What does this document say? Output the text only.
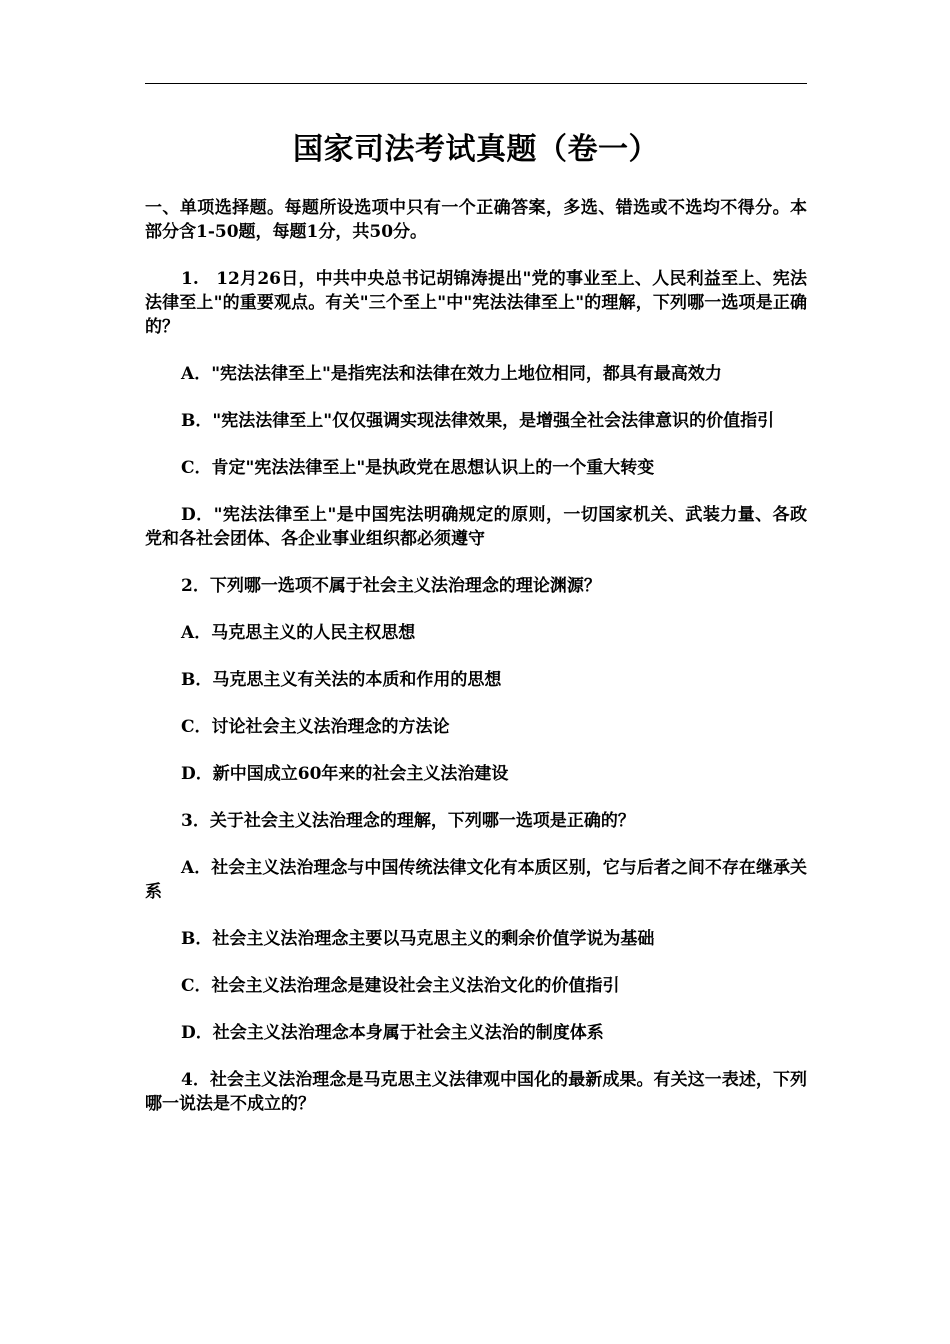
国家司法考试真题（卷一）

一、单项选择题。每题所设选项中只有一个正确答案，多选、错选或不选均不得分。本部分含1-50题，每题1分，共50分。

1.　12月26日，中共中央总书记胡锦涛提出"党的事业至上、人民利益至上、宪法法律至上"的重要观点。有关"三个至上"中"宪法法律至上"的理解，下列哪一选项是正确的？

A．"宪法法律至上"是指宪法和法律在效力上地位相同，都具有最高效力

B．"宪法法律至上"仅仅强调实现法律效果，是增强全社会法律意识的价值指引

C．肯定"宪法法律至上"是执政党在思想认识上的一个重大转变

D．"宪法法律至上"是中国宪法明确规定的原则，一切国家机关、武装力量、各政党和各社会团体、各企业事业组织都必须遵守

2．下列哪一选项不属于社会主义法治理念的理论渊源？

A．马克思主义的人民主权思想

B．马克思主义有关法的本质和作用的思想

C．讨论社会主义法治理念的方法论

D．新中国成立60年来的社会主义法治建设

3．关于社会主义法治理念的理解，下列哪一选项是正确的？

A．社会主义法治理念与中国传统法律文化有本质区别，它与后者之间不存在继承关系

B．社会主义法治理念主要以马克思主义的剩余价值学说为基础

C．社会主义法治理念是建设社会主义法治文化的价值指引

D．社会主义法治理念本身属于社会主义法治的制度体系

4．社会主义法治理念是马克思主义法律观中国化的最新成果。有关这一表述，下列哪一说法是不成立的？
